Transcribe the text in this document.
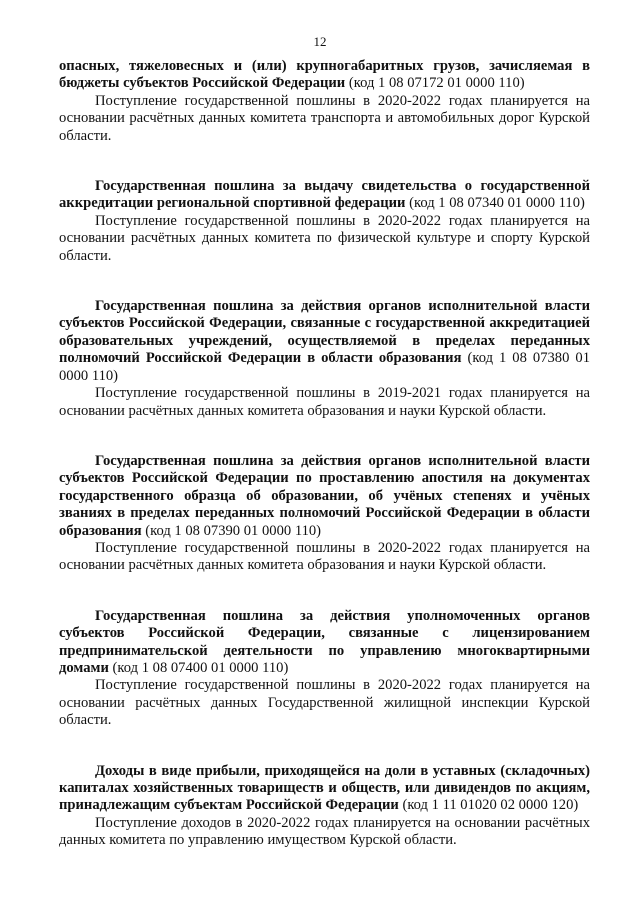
12

опасных, тяжеловесных и (или) крупногабаритных грузов, зачисляемая в бюджеты субъектов Российской Федерации (код 1 08 07172 01 0000 110)

Поступление государственной пошлины в 2020-2022 годах планируется на основании расчётных данных комитета транспорта и автомобильных дорог Курской области.

Государственная пошлина за выдачу свидетельства о государственной аккредитации региональной спортивной федерации (код 1 08 07340 01 0000 110)

Поступление государственной пошлины в 2020-2022 годах планируется на основании расчётных данных комитета по физической культуре и спорту Курской области.

Государственная пошлина за действия органов исполнительной власти субъектов Российской Федерации, связанные с государственной аккредитацией образовательных учреждений, осуществляемой в пределах переданных полномочий Российской Федерации в области образования (код 1 08 07380 01 0000 110)

Поступление государственной пошлины в 2019-2021 годах планируется на основании расчётных данных комитета образования и науки Курской области.

Государственная пошлина за действия органов исполнительной власти субъектов Российской Федерации по проставлению апостиля на документах государственного образца об образовании, об учёных степенях и учёных званиях в пределах переданных полномочий Российской Федерации в области образования (код 1 08 07390 01 0000 110)

Поступление государственной пошлины в 2020-2022 годах планируется на основании расчётных данных комитета образования и науки Курской области.

Государственная пошлина за действия уполномоченных органов субъектов Российской Федерации, связанные с лицензированием предпринимательской деятельности по управлению многоквартирными домами (код 1 08 07400 01 0000 110)

Поступление государственной пошлины в 2020-2022 годах планируется на основании расчётных данных Государственной жилищной инспекции Курской области.

Доходы в виде прибыли, приходящейся на доли в уставных (складочных) капиталах хозяйственных товариществ и обществ, или дивидендов по акциям, принадлежащим субъектам Российской Федерации (код 1 11 01020 02 0000 120)

Поступление доходов в 2020-2022 годах планируется на основании расчётных данных комитета по управлению имуществом Курской области.
